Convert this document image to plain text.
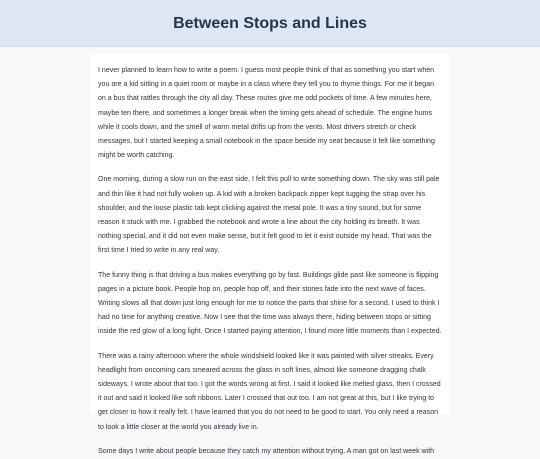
Between Stops and Lines

I never planned to learn how to write a poem. I guess most people think of that as something you start when you are a kid sitting in a quiet room or maybe in a class where they tell you to rhyme things. For me it began on a bus that rattles through the city all day. These routes give me odd pockets of time. A few minutes here, maybe ten there, and sometimes a longer break when the timing gets ahead of schedule. The engine hums while it cools down, and the smell of warm metal drifts up from the vents. Most drivers stretch or check messages, but I started keeping a small notebook in the space beside my seat because it felt like something might be worth catching.

One morning, during a slow run on the east side, I felt this pull to write something down. The sky was still pale and thin like it had not fully woken up. A kid with a broken backpack zipper kept tugging the strap over his shoulder, and the loose plastic tab kept clicking against the metal pole. It was a tiny sound, but for some reason it stuck with me. I grabbed the notebook and wrote a line about the city holding its breath. It was nothing special, and it did not even make sense, but it felt good to let it exist outside my head. That was the first time I tried to write in any real way.

The funny thing is that driving a bus makes everything go by fast. Buildings glide past like someone is flipping pages in a picture book. People hop on, people hop off, and their stories fade into the next wave of faces. Writing slows all that down just long enough for me to notice the parts that shine for a second. I used to think I had no time for anything creative. Now I see that the time was always there, hiding between stops or sitting inside the red glow of a long light. Once I started paying attention, I found more little moments than I expected.

There was a rainy afternoon where the whole windshield looked like it was painted with silver streaks. Every headlight from oncoming cars smeared across the glass in soft lines, almost like someone dragging chalk sideways. I wrote about that too. I got the words wrong at first. I said it looked like melted glass, then I crossed it out and said it looked like soft ribbons. Later I crossed that out too. I am not great at this, but I like trying to get closer to how it really felt. I have learned that you do not need to be good to start. You only need a reason to look a little closer at the world you already live in.

Some days I write about people because they catch my attention without trying. A man got on last week with
